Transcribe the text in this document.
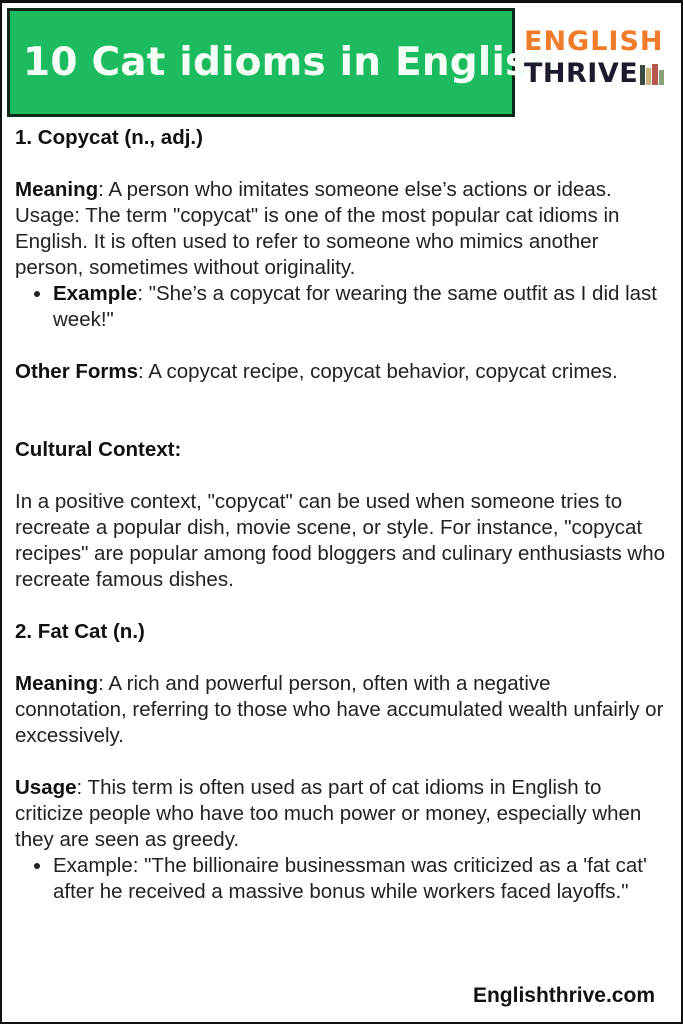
10 Cat idioms in English
ENGLISH
THRIVE

1. Copycat (n., adj.)

Meaning: A person who imitates someone else’s actions or ideas.

Usage: The term "copycat" is one of the most popular cat idioms in English. It is often used to refer to someone who mimics another person, sometimes without originality.

• Example: "She’s a copycat for wearing the same outfit as I did last week!"

Other Forms: A copycat recipe, copycat behavior, copycat crimes.

Cultural Context:

In a positive context, "copycat" can be used when someone tries to recreate a popular dish, movie scene, or style. For instance, "copycat recipes" are popular among food bloggers and culinary enthusiasts who recreate famous dishes.

2. Fat Cat (n.)

Meaning: A rich and powerful person, often with a negative connotation, referring to those who have accumulated wealth unfairly or excessively.

Usage: This term is often used as part of cat idioms in English to criticize people who have too much power or money, especially when they are seen as greedy.

• Example: "The billionaire businessman was criticized as a 'fat cat' after he received a massive bonus while workers faced layoffs."
Englishthrive.com
